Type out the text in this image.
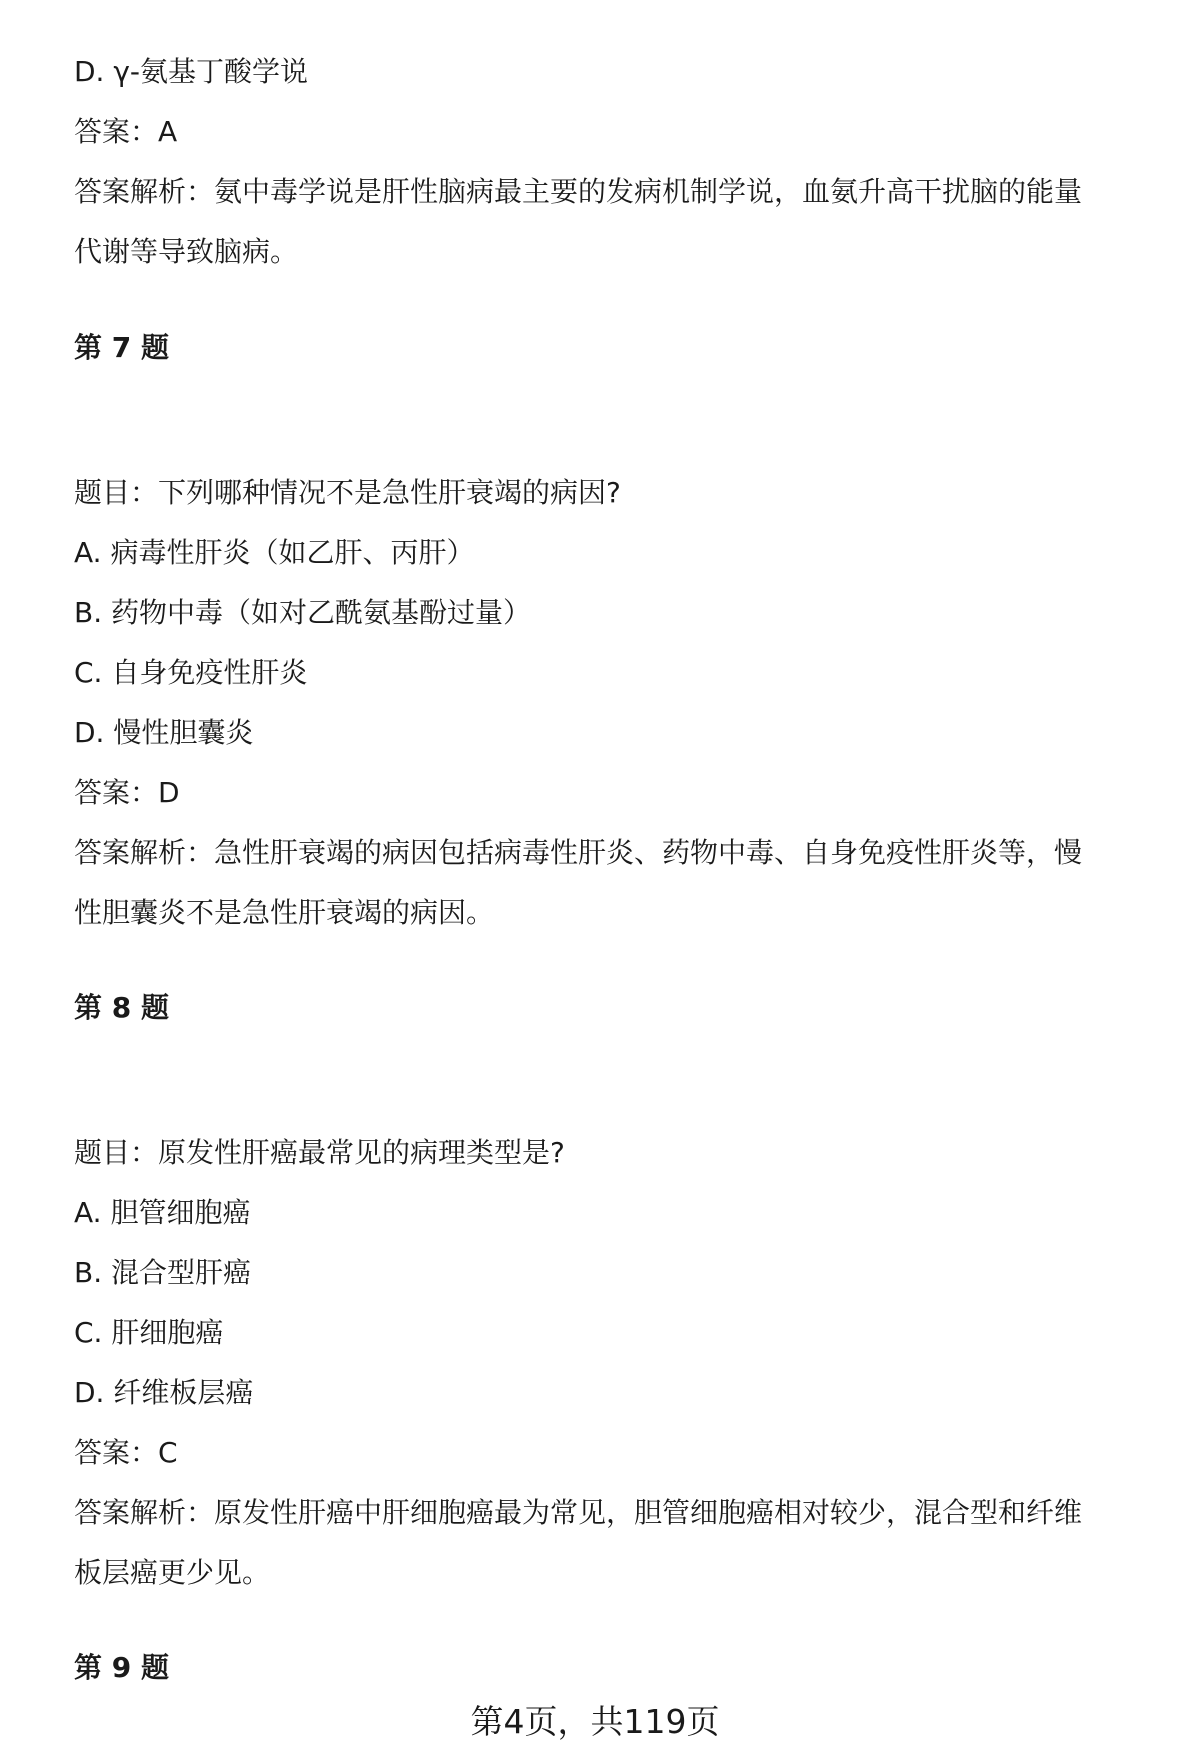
D. γ-氨基丁酸学说
答案：A
答案解析：氨中毒学说是肝性脑病最主要的发病机制学说，血氨升高干扰脑的能量
代谢等导致脑病。
第 7 题
题目：下列哪种情况不是急性肝衰竭的病因?
A. 病毒性肝炎（如乙肝、丙肝）
B. 药物中毒（如对乙酰氨基酚过量）
C. 自身免疫性肝炎
D. 慢性胆囊炎
答案：D
答案解析：急性肝衰竭的病因包括病毒性肝炎、药物中毒、自身免疫性肝炎等，慢
性胆囊炎不是急性肝衰竭的病因。
第 8 题
题目：原发性肝癌最常见的病理类型是?
A. 胆管细胞癌
B. 混合型肝癌
C. 肝细胞癌
D. 纤维板层癌
答案：C
答案解析：原发性肝癌中肝细胞癌最为常见，胆管细胞癌相对较少，混合型和纤维
板层癌更少见。
第 9 题
第4页，共119页
